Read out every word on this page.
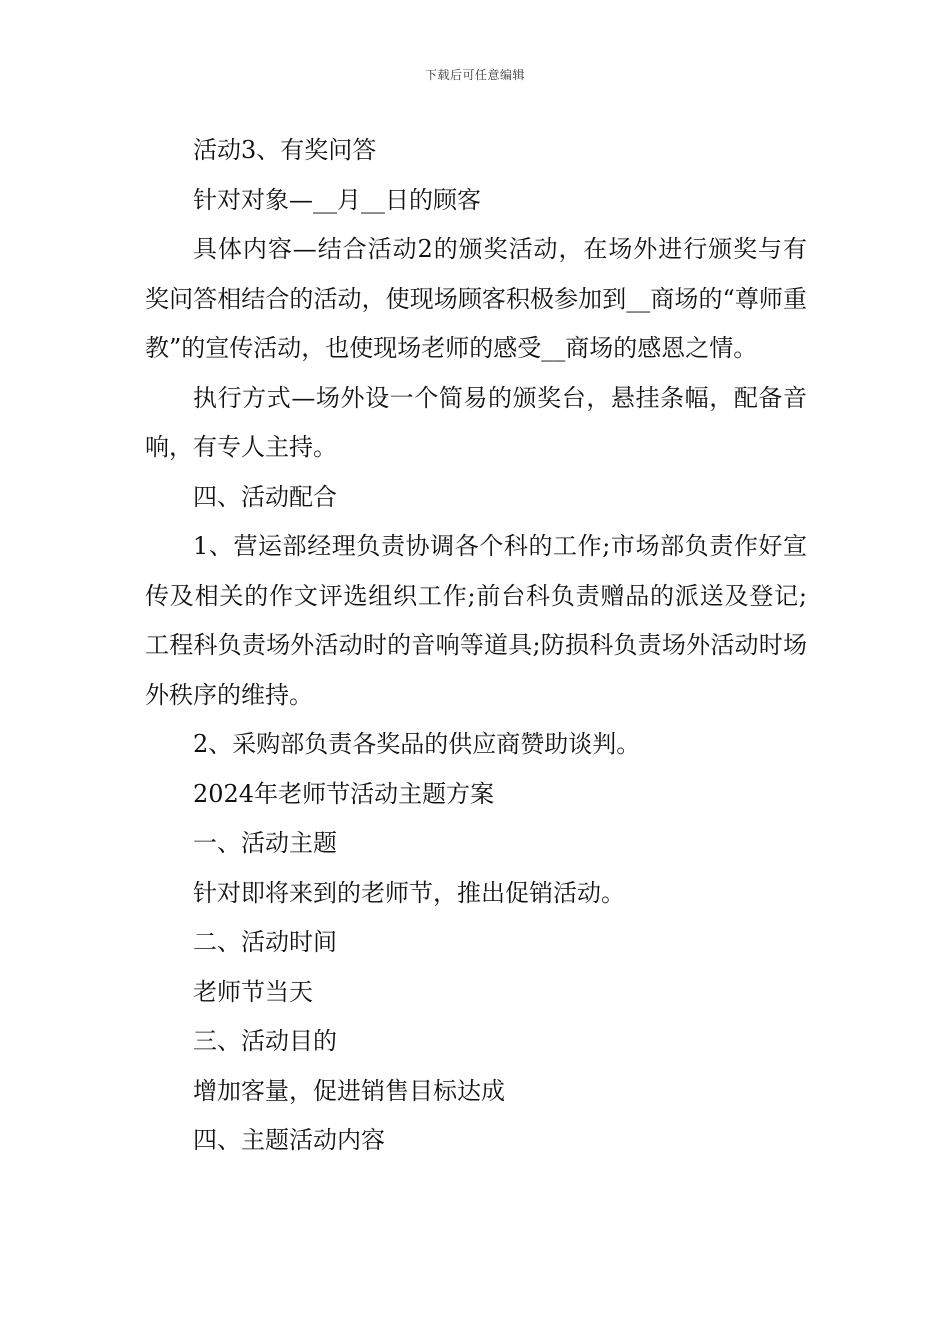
下载后可任意编辑

活动3、有奖问答

针对对象—__月__日的顾客

具体内容—结合活动2的颁奖活动，在场外进行颁奖与有奖问答相结合的活动，使现场顾客积极参加到__商场的“尊师重教”的宣传活动，也使现场老师的感受__商场的感恩之情。

执行方式—场外设一个简易的颁奖台，悬挂条幅，配备音响，有专人主持。

四、活动配合

1、营运部经理负责协调各个科的工作;市场部负责作好宣传及相关的作文评选组织工作;前台科负责赠品的派送及登记;工程科负责场外活动时的音响等道具;防损科负责场外活动时场外秩序的维持。

2、采购部负责各奖品的供应商赞助谈判。

2024年老师节活动主题方案

一、活动主题

针对即将来到的老师节，推出促销活动。

二、活动时间

老师节当天

三、活动目的

增加客量，促进销售目标达成

四、主题活动内容
